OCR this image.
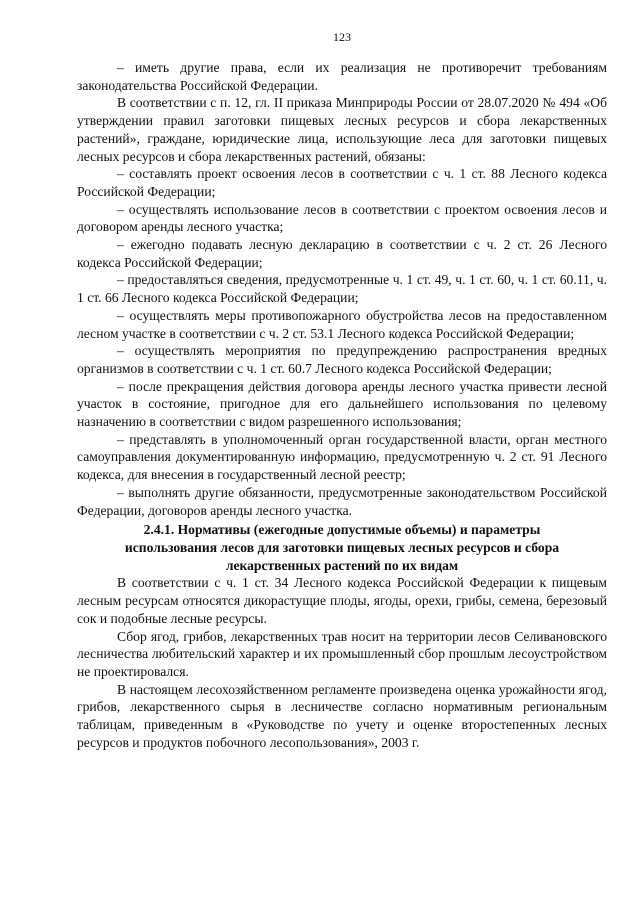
123

– иметь другие права, если их реализация не противоречит требованиям законодательства Российской Федерации.

В соответствии с п. 12, гл. II приказа Минприроды России от 28.07.2020 № 494 «Об утверждении правил заготовки пищевых лесных ресурсов и сбора лекарственных растений», граждане, юридические лица, использующие леса для заготовки пищевых лесных ресурсов и сбора лекарственных растений, обязаны:

– составлять проект освоения лесов в соответствии с ч. 1 ст. 88 Лесного кодекса Российской Федерации;

– осуществлять использование лесов в соответствии с проектом освоения лесов и договором аренды лесного участка;

– ежегодно подавать лесную декларацию в соответствии с ч. 2 ст. 26 Лесного кодекса Российской Федерации;

– предоставляться сведения, предусмотренные ч. 1 ст. 49, ч. 1 ст. 60, ч. 1 ст. 60.11, ч. 1 ст. 66 Лесного кодекса Российской Федерации;

– осуществлять меры противопожарного обустройства лесов на предоставленном лесном участке в соответствии с ч. 2 ст. 53.1 Лесного кодекса Российской Федерации;

– осуществлять мероприятия по предупреждению распространения вредных организмов в соответствии с ч. 1 ст. 60.7 Лесного кодекса Российской Федерации;

– после прекращения действия договора аренды лесного участка привести лесной участок в состояние, пригодное для его дальнейшего использования по целевому назначению в соответствии с видом разрешенного использования;

– представлять в уполномоченный орган государственной власти, орган местного самоуправления документированную информацию, предусмотренную ч. 2 ст. 91 Лесного кодекса, для внесения в государственный лесной реестр;

– выполнять другие обязанности, предусмотренные законодательством Российской Федерации, договоров аренды лесного участка.

2.4.1. Нормативы (ежегодные допустимые объемы) и параметры использования лесов для заготовки пищевых лесных ресурсов и сбора лекарственных растений по их видам

В соответствии с ч. 1 ст. 34 Лесного кодекса Российской Федерации к пищевым лесным ресурсам относятся дикорастущие плоды, ягоды, орехи, грибы, семена, березовый сок и подобные лесные ресурсы.

Сбор ягод, грибов, лекарственных трав носит на территории лесов Селивановского лесничества любительский характер и их промышленный сбор прошлым лесоустройством не проектировался.

В настоящем лесохозяйственном регламенте произведена оценка урожайности ягод, грибов, лекарственного сырья в лесничестве согласно нормативным региональным таблицам, приведенным в «Руководстве по учету и оценке второстепенных лесных ресурсов и продуктов побочного лесопользования», 2003 г.
